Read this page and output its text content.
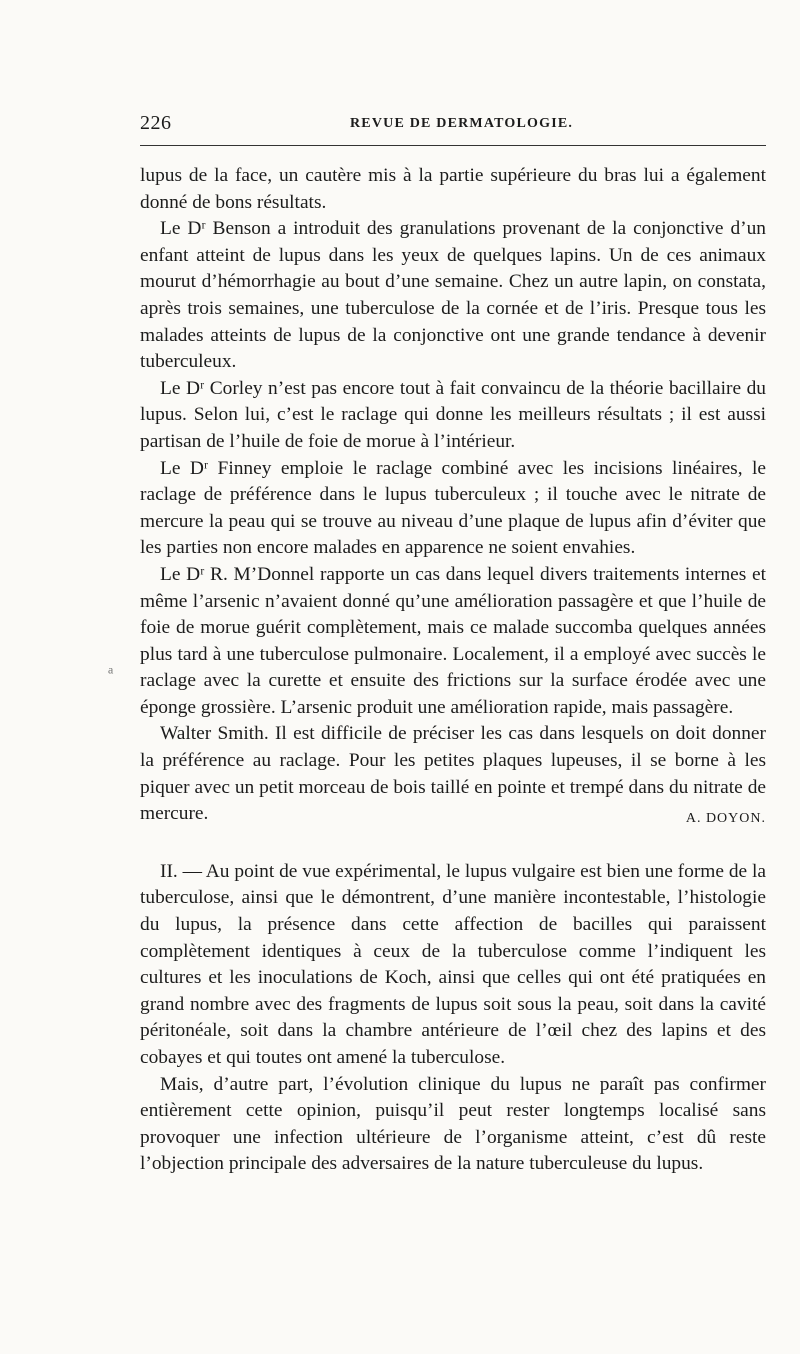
226	REVUE DE DERMATOLOGIE.
ᵃ

lupus de la face, un cautère mis à la partie supérieure du bras lui a également donné de bons résultats.

Le Dʳ Benson a introduit des granulations provenant de la conjonctive d’un enfant atteint de lupus dans les yeux de quelques lapins. Un de ces animaux mourut d’hémorrhagie au bout d’une semaine. Chez un autre lapin, on constata, après trois semaines, une tuberculose de la cornée et de l’iris. Presque tous les malades atteints de lupus de la conjonctive ont une grande tendance à devenir tuberculeux.

Le Dʳ Corley n’est pas encore tout à fait convaincu de la théorie bacillaire du lupus. Selon lui, c’est le raclage qui donne les meilleurs résultats ; il est aussi partisan de l’huile de foie de morue à l’intérieur.

Le Dʳ Finney emploie le raclage combiné avec les incisions linéaires, le raclage de préférence dans le lupus tuberculeux ; il touche avec le nitrate de mercure la peau qui se trouve au niveau d’une plaque de lupus afin d’éviter que les parties non encore malades en apparence ne soient envahies.

Le Dʳ R. M’Donnel rapporte un cas dans lequel divers traitements internes et même l’arsenic n’avaient donné qu’une amélioration passagère et que l’huile de foie de morue guérit complètement, mais ce malade succomba quelques années plus tard à une tuberculose pulmonaire. Localement, il a employé avec succès le raclage avec la curette et ensuite des frictions sur la surface érodée avec une éponge grossière. L’arsenic produit une amélioration rapide, mais passagère.

Walter Smith. Il est difficile de préciser les cas dans lesquels on doit donner la préférence au raclage. Pour les petites plaques lupeuses, il se borne à les piquer avec un petit morceau de bois taillé en pointe et trempé dans du nitrate de mercure.	A. DOYON.

II. — Au point de vue expérimental, le lupus vulgaire est bien une forme de la tuberculose, ainsi que le démontrent, d’une manière incontestable, l’histologie du lupus, la présence dans cette affection de bacilles qui paraissent complètement identiques à ceux de la tuberculose comme l’indiquent les cultures et les inoculations de Koch, ainsi que celles qui ont été pratiquées en grand nombre avec des fragments de lupus soit sous la peau, soit dans la cavité péritonéale, soit dans la chambre antérieure de l’œil chez des lapins et des cobayes et qui toutes ont amené la tuberculose.

Mais, d’autre part, l’évolution clinique du lupus ne paraît pas confirmer entièrement cette opinion, puisqu’il peut rester longtemps localisé sans provoquer une infection ultérieure de l’organisme atteint, c’est dû reste l’objection principale des adversaires de la nature tuberculeuse du lupus.
